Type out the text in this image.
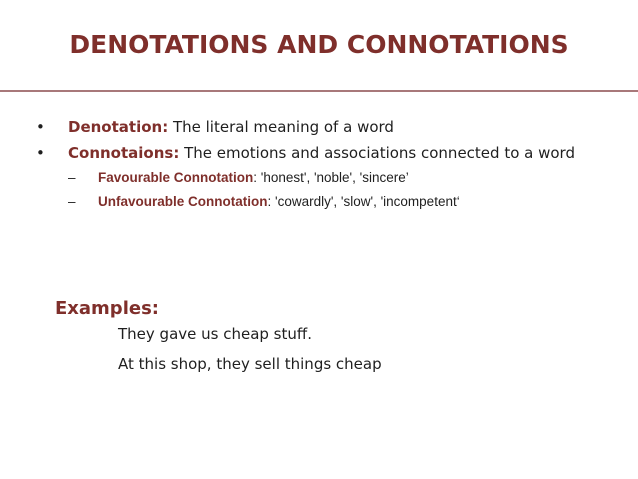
DENOTATIONS AND CONNOTATIONS
•	Denotation: The literal meaning of a word
•	Connotaions: The emotions and associations connected to a word
– Favourable Connotation: 'honest', 'noble', 'sincere’
– Unfavourable Connotation: 'cowardly', 'slow', 'incompetent‘
Examples:
They gave us cheap stuff.
At this shop, they sell things cheap
